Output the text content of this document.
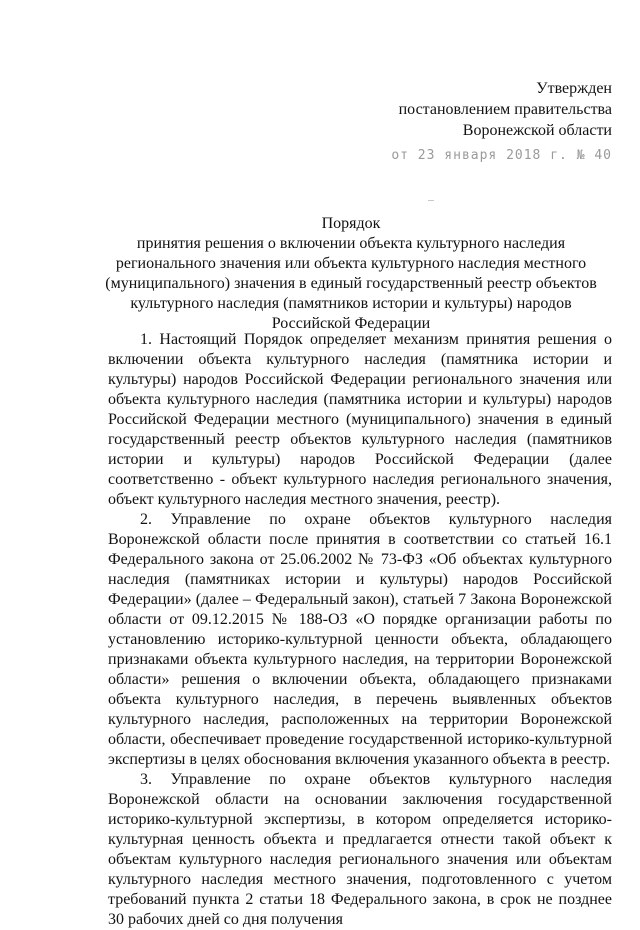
Утвержден
постановлением правительства
Воронежской области
от 23 января 2018 г. № 40
Порядок
принятия решения о включении объекта культурного наследия регионального значения или объекта культурного наследия местного (муниципального) значения в единый государственный реестр объектов культурного наследия (памятников истории и культуры) народов Российской Федерации

1. Настоящий Порядок определяет механизм принятия решения о включении объекта культурного наследия (памятника истории и культуры) народов Российской Федерации регионального значения или объекта культурного наследия (памятника истории и культуры) народов Российской Федерации местного (муниципального) значения в единый государственный реестр объектов культурного наследия (памятников истории и культуры) народов Российской Федерации (далее соответственно - объект культурного наследия регионального значения, объект культурного наследия местного значения, реестр).

2. Управление по охране объектов культурного наследия Воронежской области после принятия в соответствии со статьей 16.1 Федерального закона от 25.06.2002 № 73-ФЗ «Об объектах культурного наследия (памятниках истории и культуры) народов Российской Федерации» (далее – Федеральный закон), статьей 7 Закона Воронежской области от 09.12.2015 № 188-ОЗ «О порядке организации работы по установлению историко-культурной ценности объекта, обладающего признаками объекта культурного наследия, на территории Воронежской области» решения о включении объекта, обладающего признаками объекта культурного наследия, в перечень выявленных объектов культурного наследия, расположенных на территории Воронежской области, обеспечивает проведение государственной историко-культурной экспертизы в целях обоснования включения указанного объекта в реестр.

3. Управление по охране объектов культурного наследия Воронежской области на основании заключения государственной историко-культурной экспертизы, в котором определяется историко-культурная ценность объекта и предлагается отнести такой объект к объектам культурного наследия регионального значения или объектам культурного наследия местного значения, подготовленного с учетом требований пункта 2 статьи 18 Федерального закона, в срок не позднее 30 рабочих дней со дня получения
